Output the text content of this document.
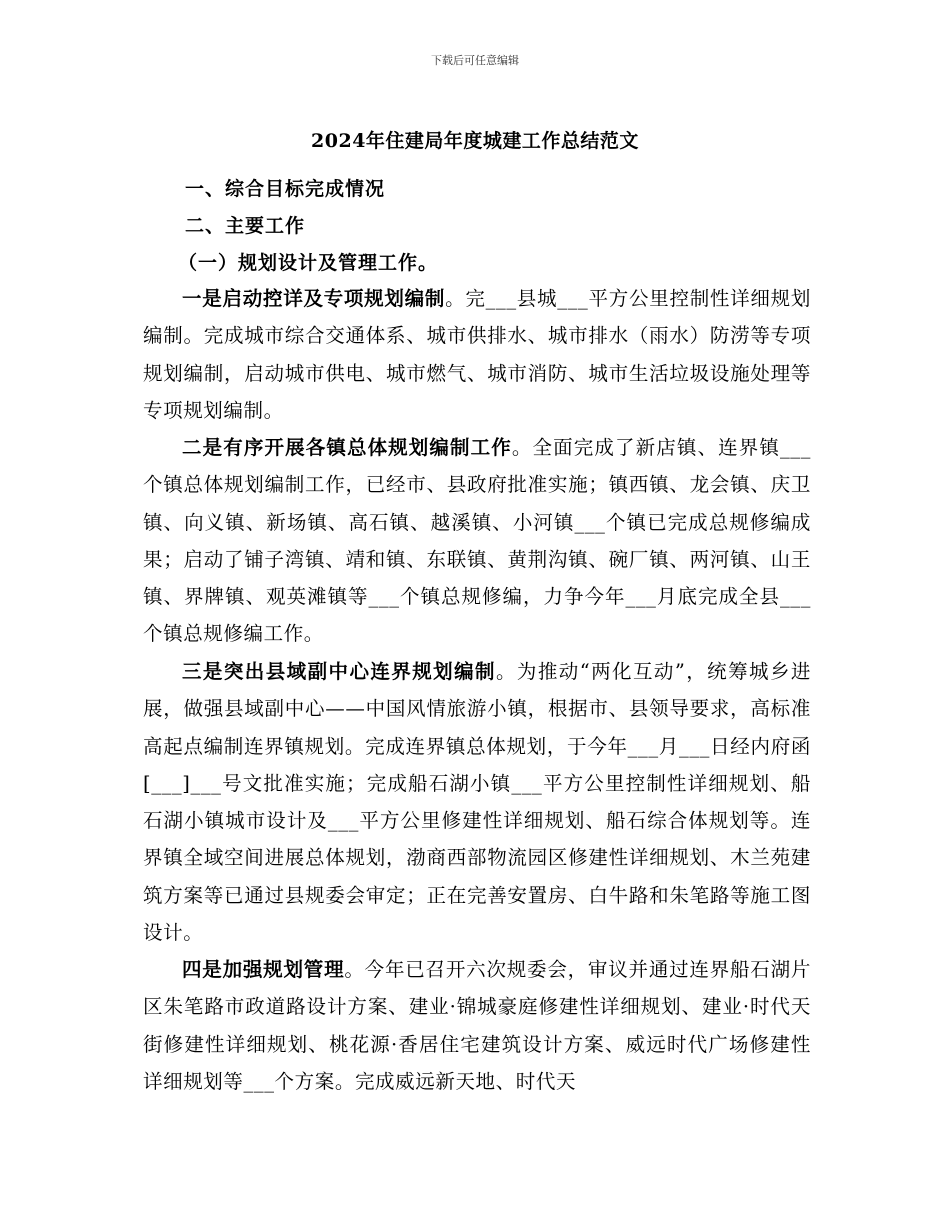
下载后可任意编辑
2024年住建局年度城建工作总结范文
一、综合目标完成情况
二、主要工作
（一）规划设计及管理工作。
一是启动控详及专项规划编制。完___县城___平方公里控制性详细规划编制。完成城市综合交通体系、城市供排水、城市排水（雨水）防涝等专项规划编制，启动城市供电、城市燃气、城市消防、城市生活垃圾设施处理等专项规划编制。
二是有序开展各镇总体规划编制工作。全面完成了新店镇、连界镇___个镇总体规划编制工作，已经市、县政府批准实施；镇西镇、龙会镇、庆卫镇、向义镇、新场镇、高石镇、越溪镇、小河镇___个镇已完成总规修编成果；启动了铺子湾镇、靖和镇、东联镇、黄荆沟镇、碗厂镇、两河镇、山王镇、界牌镇、观英滩镇等___个镇总规修编，力争今年___月底完成全县___个镇总规修编工作。
三是突出县域副中心连界规划编制。为推动“两化互动”，统筹城乡进展，做强县域副中心——中国风情旅游小镇，根据市、县领导要求，高标准高起点编制连界镇规划。完成连界镇总体规划，于今年___月___日经内府函[___]___号文批准实施；完成船石湖小镇___平方公里控制性详细规划、船石湖小镇城市设计及___平方公里修建性详细规划、船石综合体规划等。连界镇全域空间进展总体规划，渤商西部物流园区修建性详细规划、木兰苑建筑方案等已通过县规委会审定；正在完善安置房、白牛路和朱笔路等施工图设计。
四是加强规划管理。今年已召开六次规委会，审议并通过连界船石湖片区朱笔路市政道路设计方案、建业·锦城豪庭修建性详细规划、建业·时代天街修建性详细规划、桃花源·香居住宅建筑设计方案、威远时代广场修建性详细规划等___个方案。完成威远新天地、时代天
